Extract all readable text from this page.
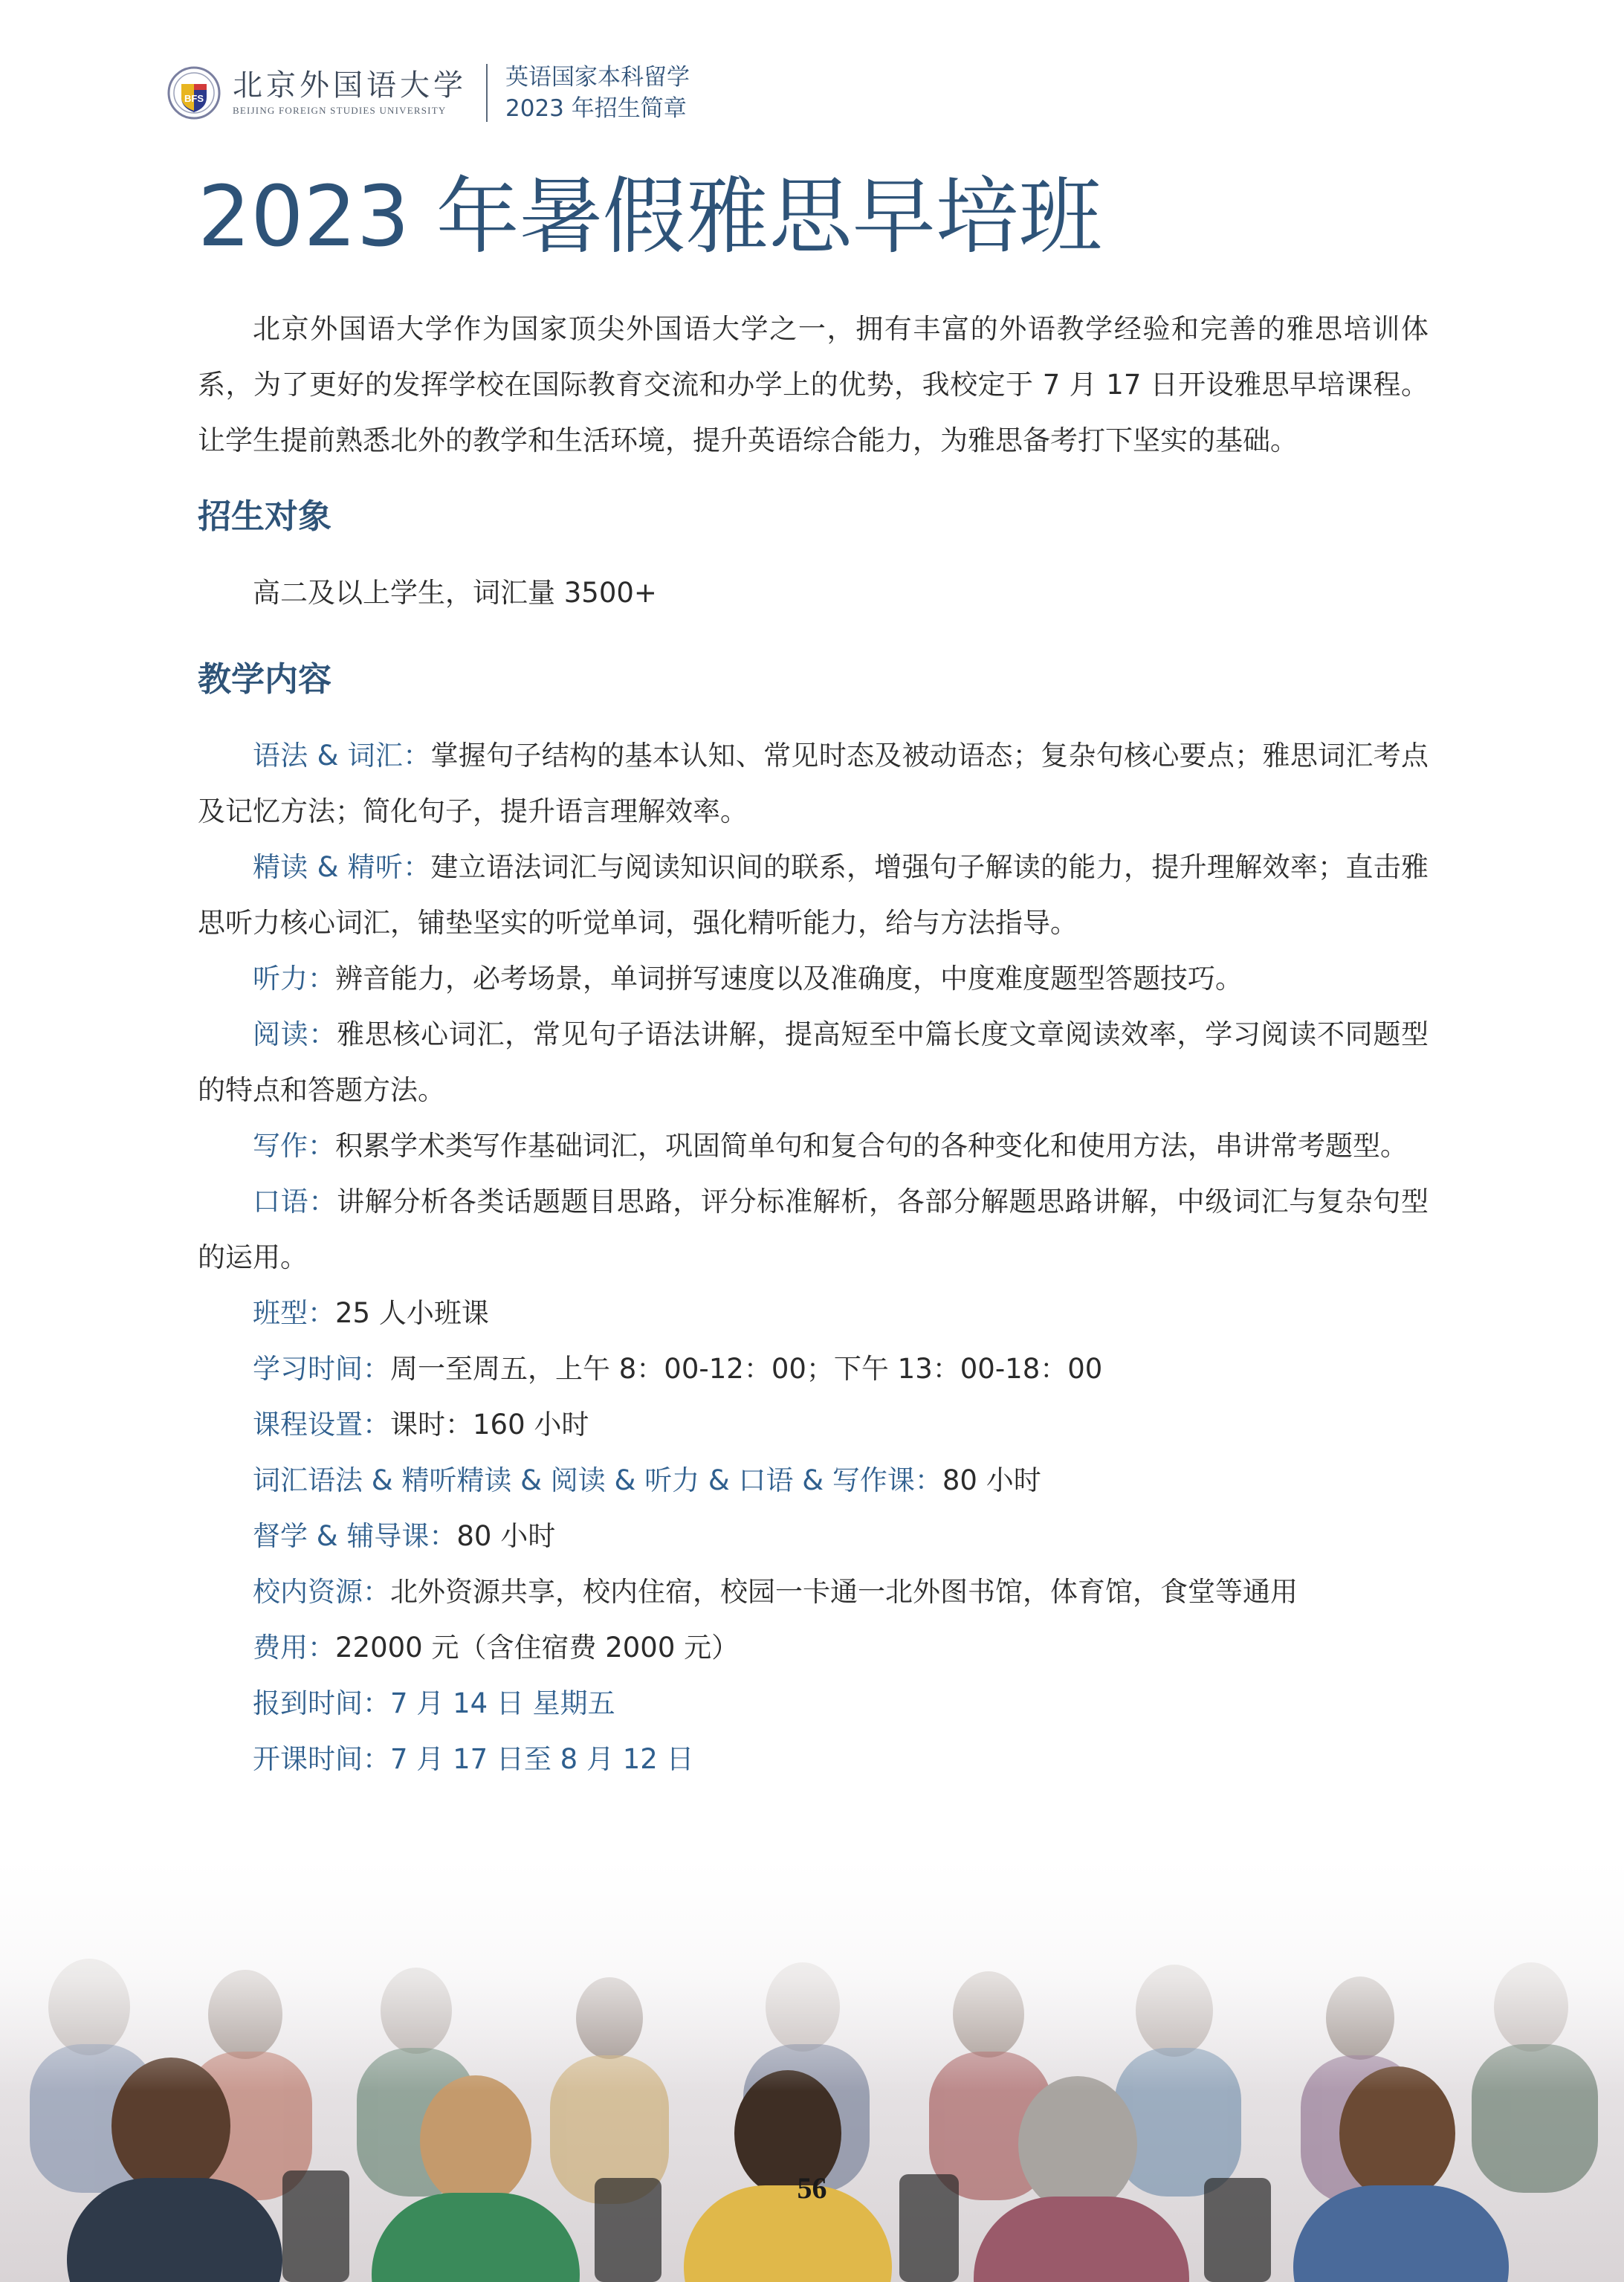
BFS 北京外国语大学
BEIJING FOREIGN STUDIES UNIVERSITY
英语国家本科留学
2023 年招生简章
2023 年暑假雅思早培班

北京外国语大学作为国家顶尖外国语大学之一，拥有丰富的外语教学经验和完善的雅思培训体系，为了更好的发挥学校在国际教育交流和办学上的优势，我校定于 7 月 17 日开设雅思早培课程。让学生提前熟悉北外的教学和生活环境，提升英语综合能力，为雅思备考打下坚实的基础。

招生对象

高二及以上学生，词汇量 3500+

教学内容

语法 & 词汇：掌握句子结构的基本认知、常见时态及被动语态；复杂句核心要点；雅思词汇考点及记忆方法；简化句子，提升语言理解效率。

精读 & 精听：建立语法词汇与阅读知识间的联系，增强句子解读的能力，提升理解效率；直击雅思听力核心词汇，铺垫坚实的听觉单词，强化精听能力，给与方法指导。

听力：辨音能力，必考场景，单词拼写速度以及准确度，中度难度题型答题技巧。

阅读：雅思核心词汇，常见句子语法讲解，提高短至中篇长度文章阅读效率，学习阅读不同题型的特点和答题方法。

写作：积累学术类写作基础词汇，巩固简单句和复合句的各种变化和使用方法，串讲常考题型。

口语：讲解分析各类话题题目思路，评分标准解析，各部分解题思路讲解，中级词汇与复杂句型的运用。

班型：25 人小班课

学习时间：周一至周五，上午 8：00-12：00；下午 13：00-18：00

课程设置：课时：160 小时

词汇语法 & 精听精读 & 阅读 & 听力 & 口语 & 写作课：80 小时

督学 & 辅导课：80 小时

校内资源：北外资源共享，校内住宿，校园一卡通一北外图书馆，体育馆，食堂等通用

费用：22000 元（含住宿费 2000 元）

报到时间：7 月 14 日 星期五

开课时间：7 月 17 日至 8 月 12 日

56
